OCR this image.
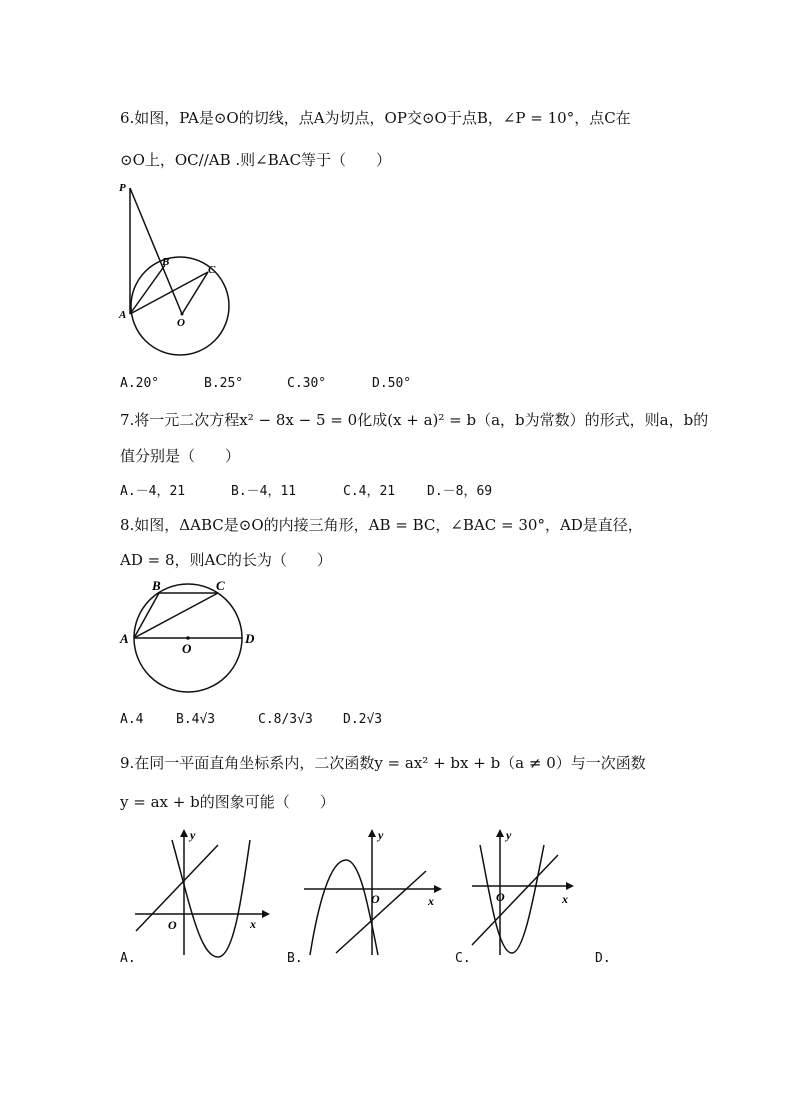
6.如图，PA是⊙O的切线，点A为切点，OP交⊙O于点B，∠P = 10°，点C在
⊙O上，OC//AB .则∠BAC等于（　　）
P
B
C
A
O
A.20°	B.25°	C.30°	D.50°
7.将一元二次方程x² − 8x − 5 = 0化成(x + a)² = b（a，b为常数）的形式，则a，b的
值分别是（　　）
A.－4，21	B.－4，11	C.4，21 D.－8，69
8.如图，ΔABC是⊙O的内接三角形，AB = BC，∠BAC = 30°，AD是直径，
AD = 8，则AC的长为（　　）
B	C
A
O
D
A.4	B.4√3	C.8/3√3 D.2√3
9.在同一平面直角坐标系内，二次函数y = ax² + bx + b（a ≠ 0）与一次函数
y = ax + b的图象可能（　　）
y
O	x
y
O	x
y
O	x
A.	B.	C.	D.
